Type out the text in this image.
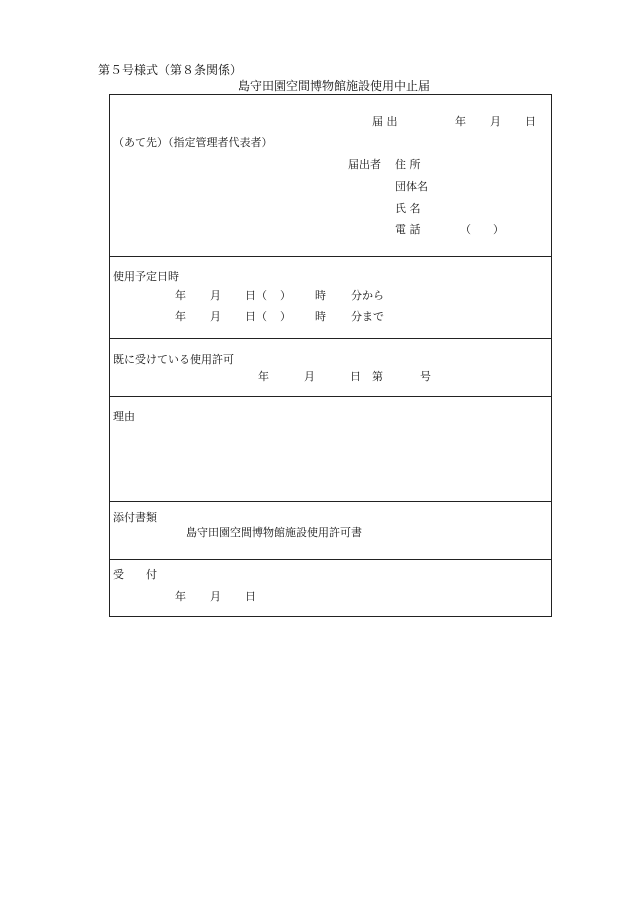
第５号様式（第８条関係）
島守田園空間博物館施設使用中止届
届 出	年 月 日
（あて先）（指定管理者代表者）
届出者 住 所
団体名
氏 名
電 話	（　　）
使用予定日時
年 月 日（ ） 時 分から
年 月 日（ ） 時 分まで
既に受けている使用許可
年	月	日 第	号
理由
添付書類
島守田園空間博物館施設使用許可書
受　　付
年 月 日
